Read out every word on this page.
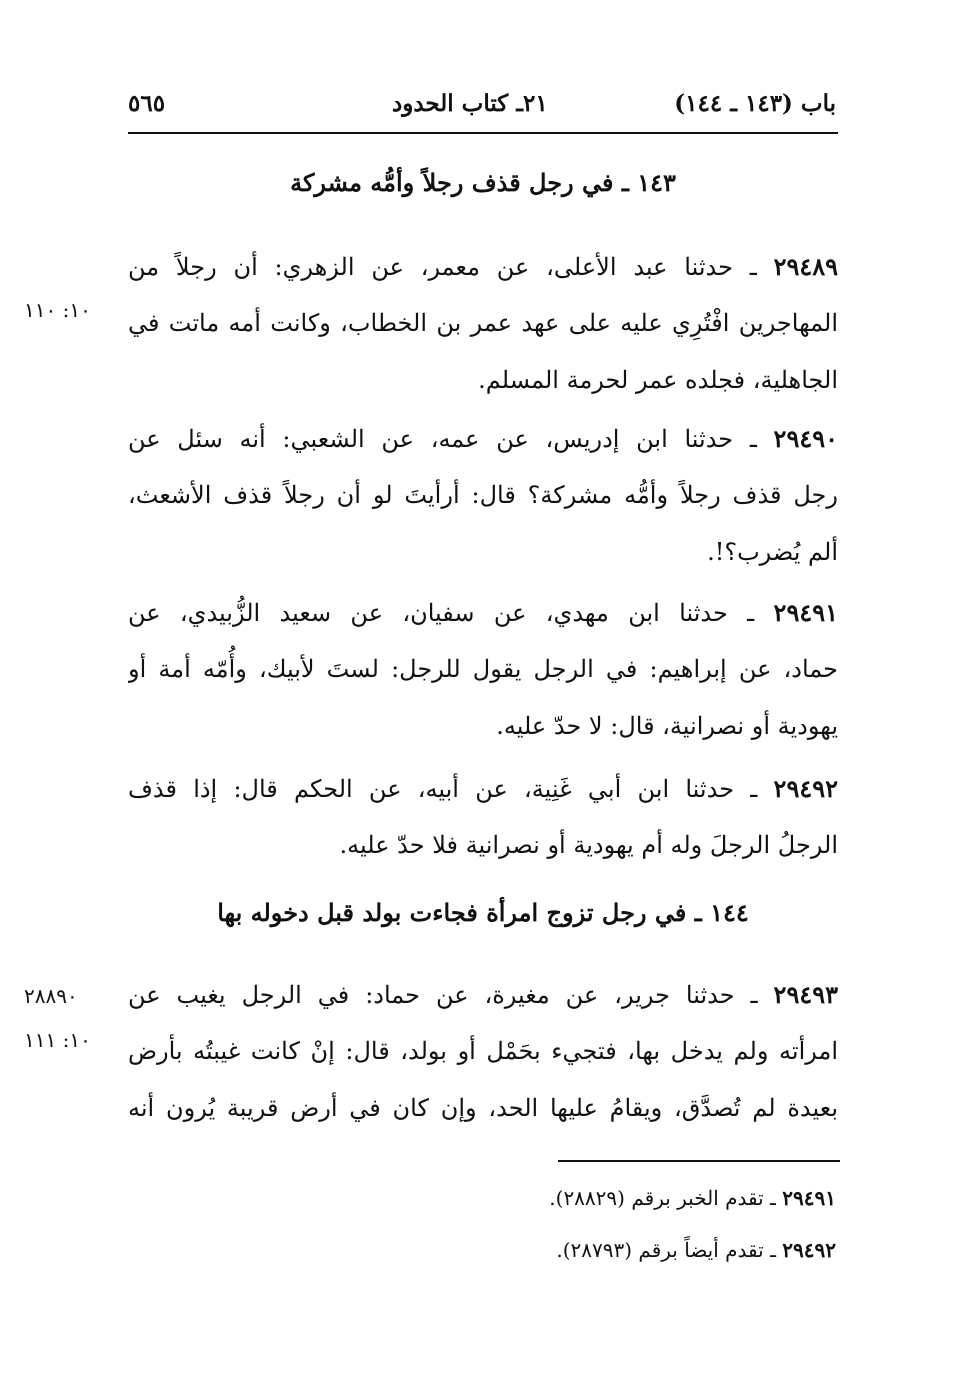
باب (١٤٣ ـ ١٤٤)
٢١ـ كتاب الحدود
٥٦٥
١٤٣ ـ في رجل قذف رجلاً وأمُّه مشركة
٢٩٤٨٩ ـ حدثنا عبد الأعلى، عن معمر، عن الزهري: أن رجلاً من
المهاجرين افْتُرِي عليه على عهد عمر بن الخطاب، وكانت أمه ماتت في
الجاهلية، فجلده عمر لحرمة المسلم.
١٠: ١١٠
٢٩٤٩٠ ـ حدثنا ابن إدريس، عن عمه، عن الشعبي: أنه سئل عن
رجل قذف رجلاً وأمُّه مشركة؟ قال: أرأيتَ لو أن رجلاً قذف الأشعث،
ألم يُضرب؟!.
٢٩٤٩١ ـ حدثنا ابن مهدي، عن سفيان، عن سعيد الزُّبيدي، عن
حماد، عن إبراهيم: في الرجل يقول للرجل: لستَ لأبيك، وأُمّه أمة أو
يهودية أو نصرانية، قال: لا حدّ عليه.
٢٩٤٩٢ ـ حدثنا ابن أبي غَنِية، عن أبيه، عن الحكم قال: إذا قذف
الرجلُ الرجلَ وله أم يهودية أو نصرانية فلا حدّ عليه.
١٤٤ ـ في رجل تزوج امرأة فجاءت بولد قبل دخوله بها
٢٩٤٩٣ ـ حدثنا جرير، عن مغيرة، عن حماد: في الرجل يغيب عن
امرأته ولم يدخل بها، فتجيء بحَمْل أو بولد، قال: إنْ كانت غيبتُه بأرض
بعيدة لم تُصدَّق، ويقامُ عليها الحد، وإن كان في أرض قريبة يُرون أنه
٢٨٨٩٠
١٠: ١١١
٢٩٤٩١ ـ تقدم الخبر برقم (٢٨٨٢٩).
٢٩٤٩٢ ـ تقدم أيضاً برقم (٢٨٧٩٣).
